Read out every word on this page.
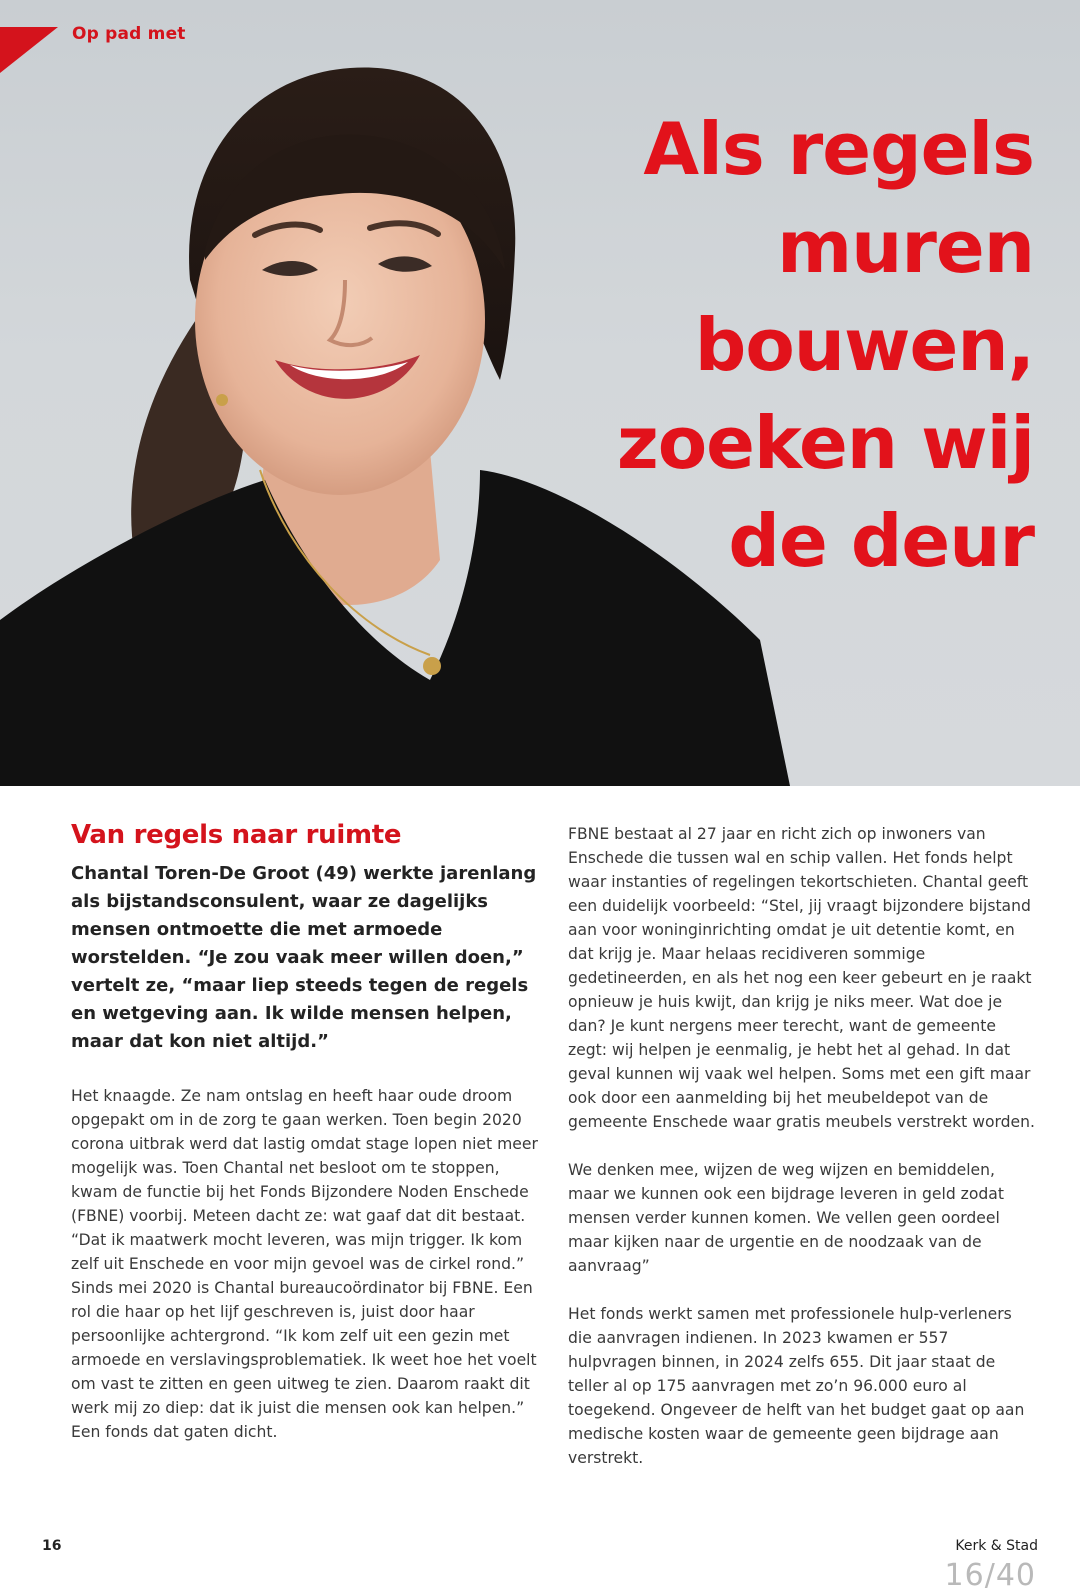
Op pad met
Als regels
muren
bouwen,
zoeken wij
de deur
Van regels naar ruimte

Chantal Toren-De Groot (49) werkte jarenlang als bijstandsconsulent, waar ze dagelijks mensen ontmoette die met armoede worstelden. “Je zou vaak meer willen doen,” vertelt ze, “maar liep steeds tegen de regels en wetgeving aan. Ik wilde mensen helpen, maar dat kon niet altijd.”

Het knaagde. Ze nam ontslag en heeft haar oude droom opgepakt om in de zorg te gaan werken. Toen begin 2020 corona uitbrak werd dat lastig omdat stage lopen niet meer mogelijk was. Toen Chantal net besloot om te stoppen, kwam de functie bij het Fonds Bijzondere Noden Enschede (FBNE) voorbij. Meteen dacht ze: wat gaaf dat dit bestaat. “Dat ik maatwerk mocht leveren, was mijn trigger. Ik kom zelf uit Enschede en voor mijn gevoel was de cirkel rond.” Sinds mei 2020 is Chantal bureaucoördinator bij FBNE. Een rol die haar op het lijf geschreven is, juist door haar persoonlijke achtergrond. “Ik kom zelf uit een gezin met armoede en verslavingsproblematiek. Ik weet hoe het voelt om vast te zitten en geen uitweg te zien. Daarom raakt dit werk mij zo diep: dat ik juist die mensen ook kan helpen.” Een fonds dat gaten dicht.

FBNE bestaat al 27 jaar en richt zich op inwoners van Enschede die tussen wal en schip vallen. Het fonds helpt waar instanties of regelingen tekortschieten. Chantal geeft een duidelijk voorbeeld: “Stel, jij vraagt bijzondere bijstand aan voor woninginrichting omdat je uit detentie komt, en dat krijg je. Maar helaas recidiveren sommige gedetineerden, en als het nog een keer gebeurt en je raakt opnieuw je huis kwijt, dan krijg je niks meer. Wat doe je dan? Je kunt nergens meer terecht, want de gemeente zegt: wij helpen je eenmalig, je hebt het al gehad. In dat geval kunnen wij vaak wel helpen. Soms met een gift maar ook door een aanmelding bij het meubeldepot van de gemeente Enschede waar gratis meubels verstrekt worden.

We denken mee, wijzen de weg wijzen en bemiddelen, maar we kunnen ook een bijdrage leveren in geld zodat mensen verder kunnen komen. We vellen geen oordeel maar kijken naar de urgentie en de noodzaak van de aanvraag”

Het fonds werkt samen met professionele hulp-verleners die aanvragen indienen. In 2023 kwamen er 557 hulpvragen binnen, in 2024 zelfs 655. Dit jaar staat de teller al op 175 aanvragen met zo’n 96.000 euro al toegekend. Ongeveer de helft van het budget gaat op aan medische kosten waar de gemeente geen bijdrage aan verstrekt.

16	Kerk & Stad
16/40
